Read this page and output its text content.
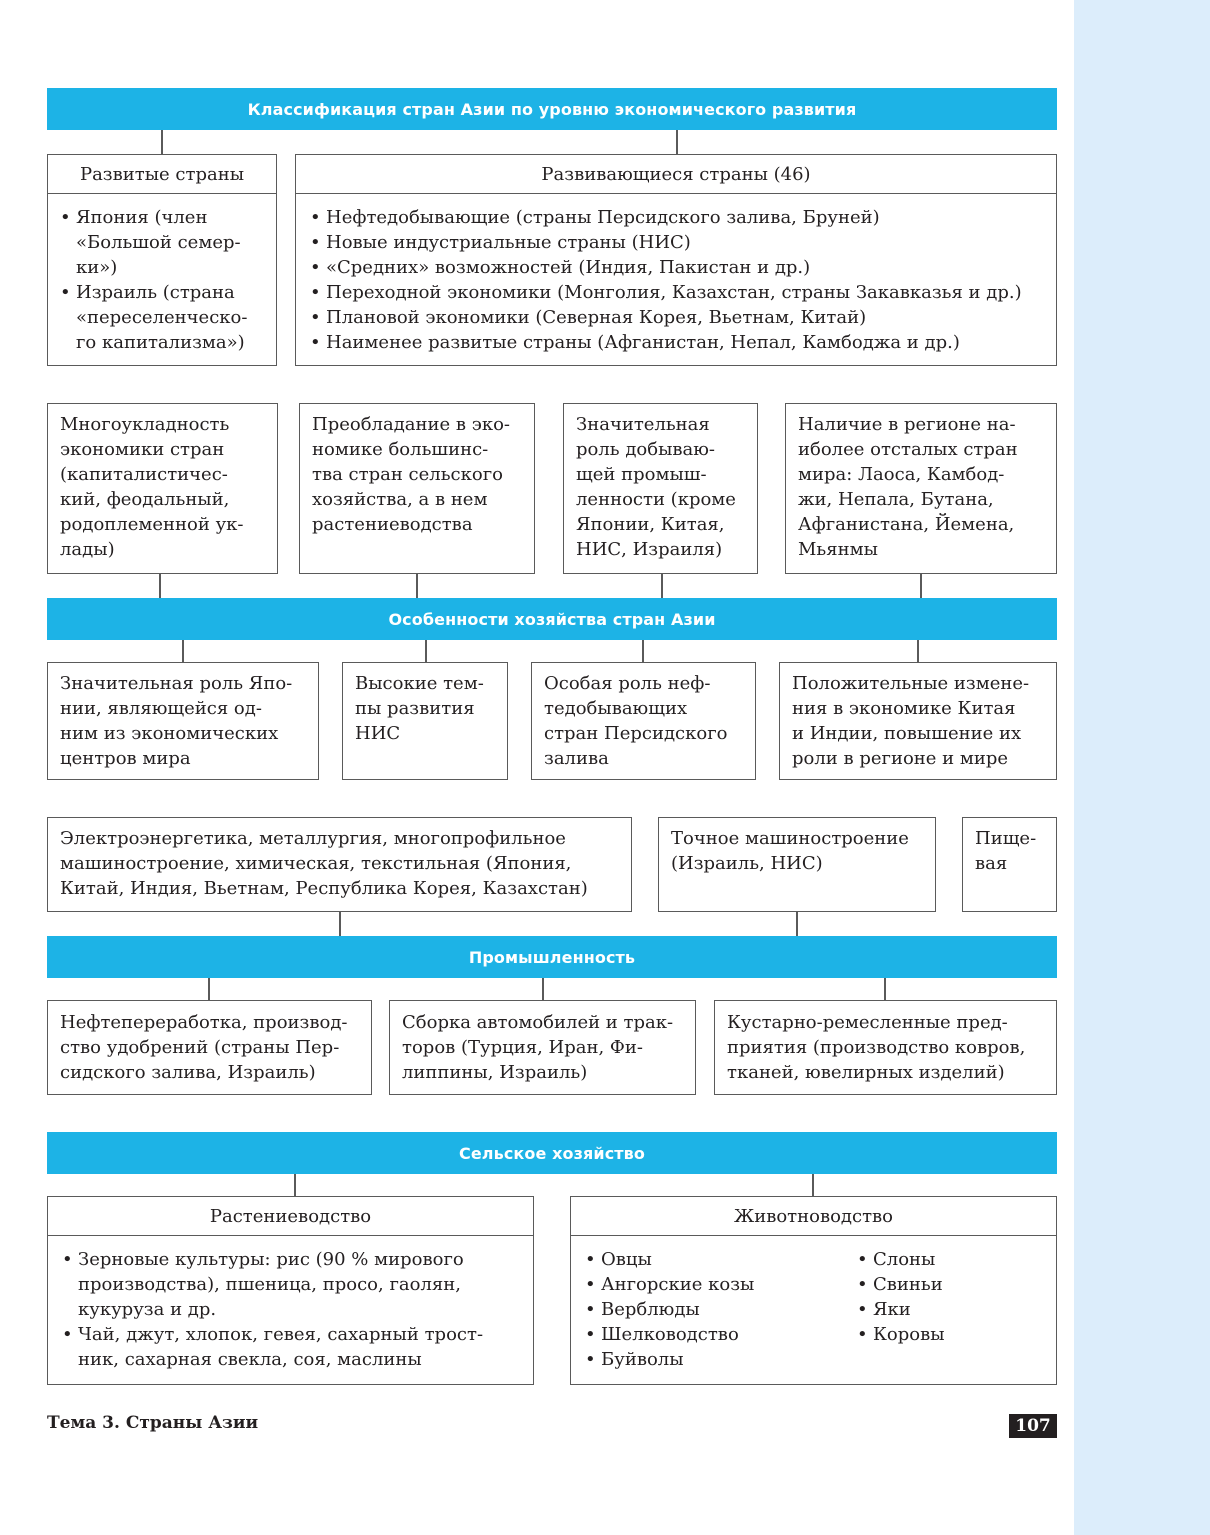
Классификация стран Азии по уровню экономического развития
Развитые страны
• Япония (член
«Большой семер-
ки»)
• Израиль (страна
«переселенческо-
го капитализма»)
Развивающиеся страны (46)
• Нефтедобывающие (страны Персидского залива, Бруней)
• Новые индустриальные страны (НИС)
• «Средних» возможностей (Индия, Пакистан и др.)
• Переходной экономики (Монголия, Казахстан, страны Закавказья и др.)
• Плановой экономики (Северная Корея, Вьетнам, Китай)
• Наименее развитые страны (Афганистан, Непал, Камбоджа и др.)
Многоукладность
экономики стран
(капиталистичес-
кий, феодальный,
родоплеменной ук-
лады)
Преобладание в эко-
номике большинс-
тва стран сельского
хозяйства, а в нем
растениеводства
Значительная
роль добываю-
щей промыш-
ленности (кроме
Японии, Китая,
НИС, Израиля)
Наличие в регионе на-
иболее отсталых стран
мира: Лаоса, Камбод-
жи, Непала, Бутана,
Афганистана, Йемена,
Мьянмы
Особенности хозяйства стран Азии
Значительная роль Япо-
нии, являющейся од-
ним из экономических
центров мира
Высокие тем-
пы развития
НИС
Особая роль неф-
тедобывающих
стран Персидского
залива
Положительные измене-
ния в экономике Китая
и Индии, повышение их
роли в регионе и мире
Электроэнергетика, металлургия, многопрофильное
машиностроение, химическая, текстильная (Япония,
Китай, Индия, Вьетнам, Республика Корея, Казахстан)
Точное машиностроение
(Израиль, НИС)
Пище-
вая
Промышленность
Нефтепереработка, производ-
ство удобрений (страны Пер-
сидского залива, Израиль)
Сборка автомобилей и трак-
торов (Турция, Иран, Фи-
липпины, Израиль)
Кустарно-ремесленные пред-
приятия (производство ковров,
тканей, ювелирных изделий)
Сельское хозяйство
Растениеводство
• Зерновые культуры: рис (90 % мирового
производства), пшеница, просо, гаолян,
кукуруза и др.
• Чай, джут, хлопок, гевея, сахарный трост-
ник, сахарная свекла, соя, маслины
Животноводство
• Овцы
• Ангорские козы
• Верблюды
• Шелководство
• Буйволы
• Слоны
• Свиньи
• Яки
• Коровы
Тема 3. Страны Азии	107
